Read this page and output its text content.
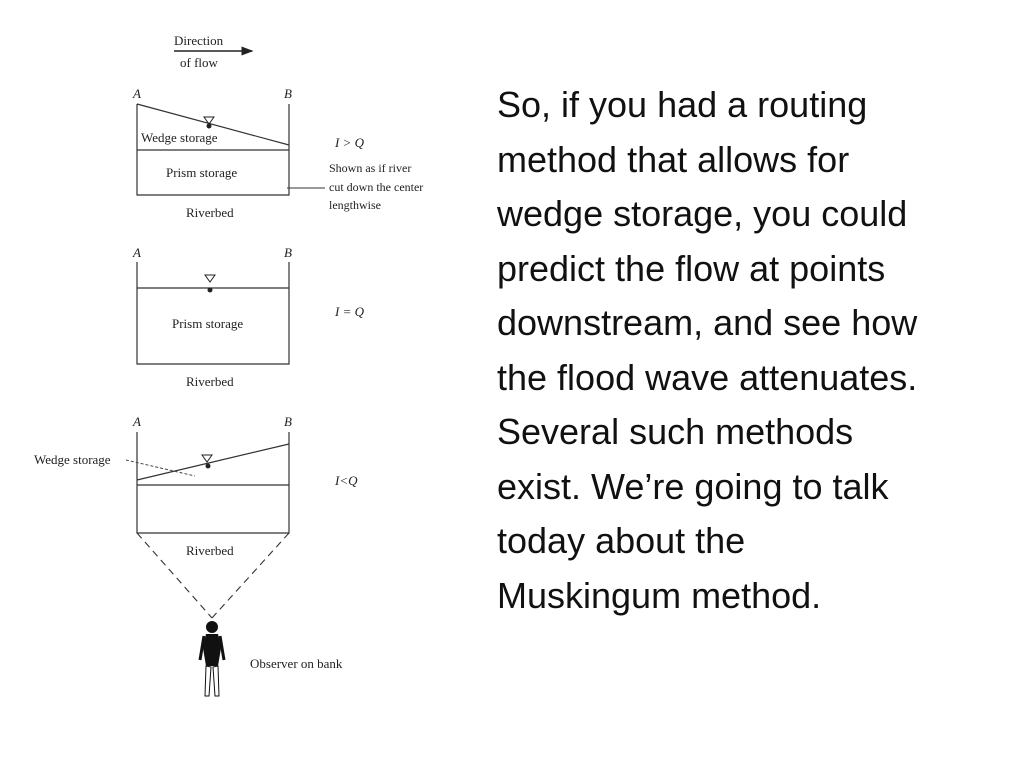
Direction
of flow
A	B
Wedge storage
Prism storage
Riverbed
I > Q
Shown as if river
cut down the center
lengthwise
A	B
Prism storage
Riverbed
I = Q
A	B
Wedge storage
Riverbed
I<Q
Observer on bank
So, if you had a routing
method that allows for
wedge storage, you could
predict the flow at points
downstream, and see how
the flood wave attenuates.
Several such methods
exist. We’re going to talk
today about the
Muskingum method.
